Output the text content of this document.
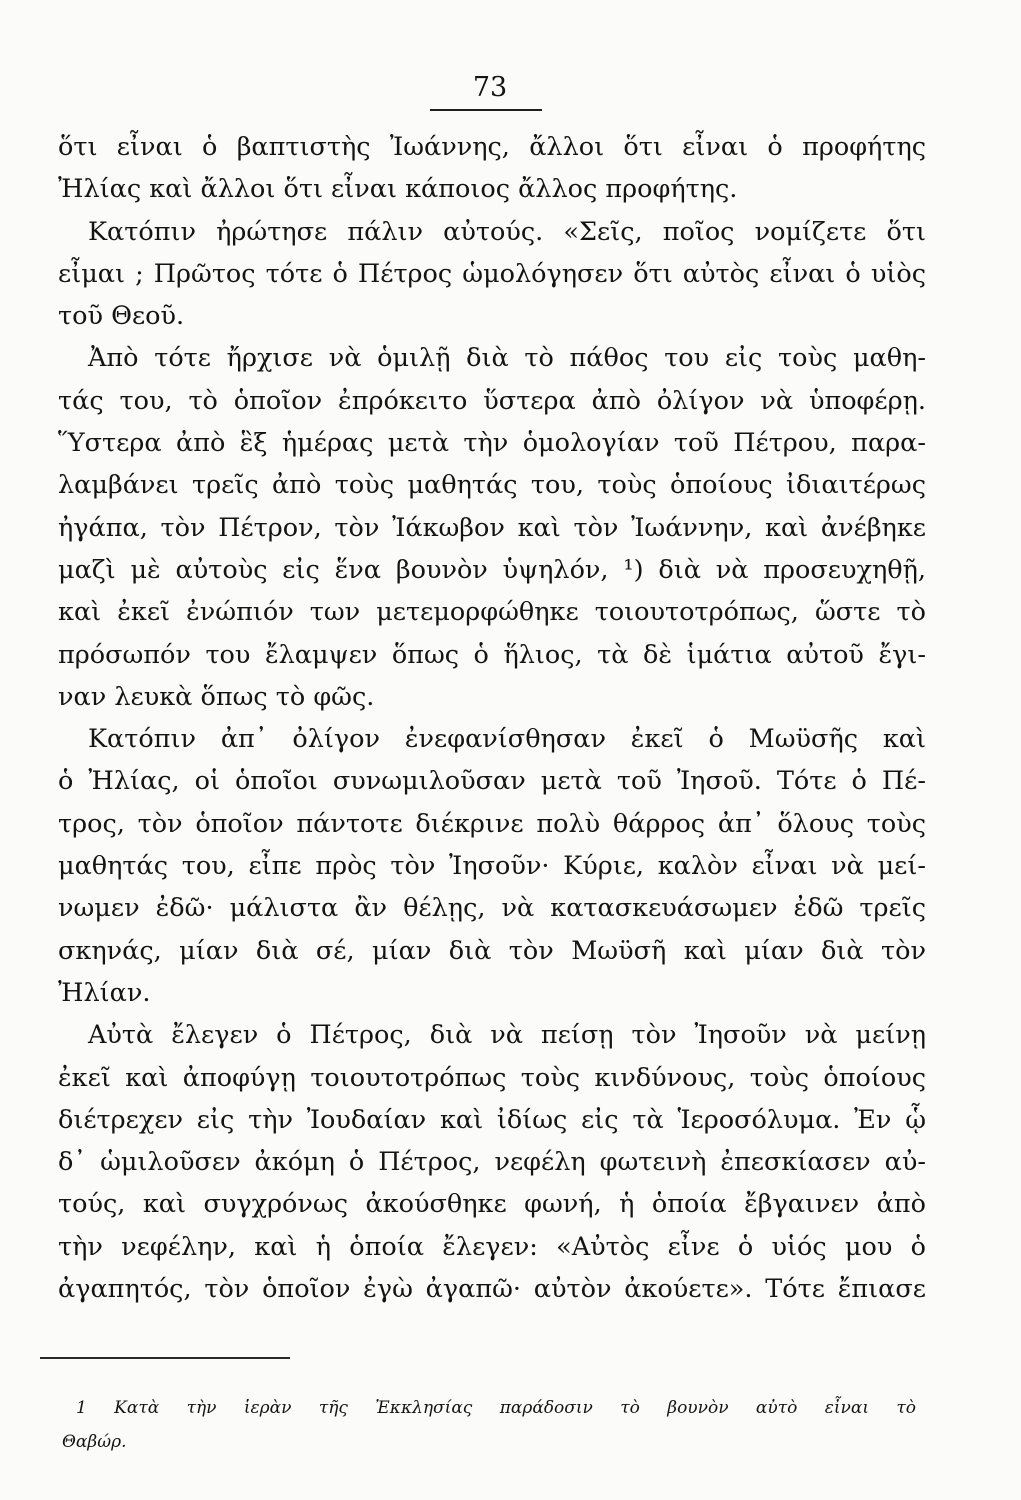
73
ὅτι εἶναι ὁ βαπτιστὴς Ἰωάννης, ἄλλοι ὅτι εἶναι ὁ προφήτης
Ἠλίας καὶ ἄλλοι ὅτι εἶναι κάποιος ἄλλος προφήτης.
Κατόπιν ἠρώτησε πάλιν αὐτούς. «Σεῖς, ποῖος νομίζετε ὅτι
εἶμαι ; Πρῶτος τότε ὁ Πέτρος ὡμολόγησεν ὅτι αὐτὸς εἶναι ὁ υἱὸς
τοῦ Θεοῦ.
Ἀπὸ τότε ἤρχισε νὰ ὁμιλῇ διὰ τὸ πάθος του εἰς τοὺς μαθη-
τάς του, τὸ ὁποῖον ἐπρόκειτο ὕστερα ἀπὸ ὀλίγον νὰ ὑποφέρῃ.
Ὕστερα ἀπὸ ἓξ ἡμέρας μετὰ τὴν ὁμολογίαν τοῦ Πέτρου, παρα-
λαμβάνει τρεῖς ἀπὸ τοὺς μαθητάς του, τοὺς ὁποίους ἰδιαιτέρως
ἠγάπα, τὸν Πέτρον, τὸν Ἰάκωβον καὶ τὸν Ἰωάννην, καὶ ἀνέβηκε
μαζὶ μὲ αὐτοὺς εἰς ἕνα βουνὸν ὑψηλόν, ¹) διὰ νὰ προσευχηθῇ,
καὶ ἐκεῖ ἐνώπιόν των μετεμορφώθηκε τοιουτοτρόπως, ὥστε τὸ
πρόσωπόν του ἔλαμψεν ὅπως ὁ ἥλιος, τὰ δὲ ἱμάτια αὐτοῦ ἔγι-
ναν λευκὰ ὅπως τὸ φῶς.
Κατόπιν ἀπ᾽ ὀλίγον ἐνεφανίσθησαν ἐκεῖ ὁ Μωϋσῆς καὶ
ὁ Ἠλίας, οἱ ὁποῖοι συνωμιλοῦσαν μετὰ τοῦ Ἰησοῦ. Τότε ὁ Πέ-
τρος, τὸν ὁποῖον πάντοτε διέκρινε πολὺ θάρρος ἀπ᾽ ὅλους τοὺς
μαθητάς του, εἶπε πρὸς τὸν Ἰησοῦν· Κύριε, καλὸν εἶναι νὰ μεί-
νωμεν ἐδῶ· μάλιστα ἂν θέλῃς, νὰ κατασκευάσωμεν ἐδῶ τρεῖς
σκηνάς, μίαν διὰ σέ, μίαν διὰ τὸν Μωϋσῆ καὶ μίαν διὰ τὸν
Ἠλίαν.
Αὐτὰ ἔλεγεν ὁ Πέτρος, διὰ νὰ πείσῃ τὸν Ἰησοῦν νὰ μείνῃ
ἐκεῖ καὶ ἀποφύγῃ τοιουτοτρόπως τοὺς κινδύνους, τοὺς ὁποίους
διέτρεχεν εἰς τὴν Ἰουδαίαν καὶ ἰδίως εἰς τὰ Ἱεροσόλυμα. Ἐν ᾧ
δ᾽ ὡμιλοῦσεν ἀκόμη ὁ Πέτρος, νεφέλη φωτεινὴ ἐπεσκίασεν αὐ-
τούς, καὶ συγχρόνως ἀκούσθηκε φωνή, ἡ ὁποία ἔβγαινεν ἀπὸ
τὴν νεφέλην, καὶ ἡ ὁποία ἔλεγεν: «Αὐτὸς εἶνε ὁ υἱός μου ὁ
ἀγαπητός, τὸν ὁποῖον ἐγὼ ἀγαπῶ· αὐτὸν ἀκούετε». Τότε ἔπιασε
1 Κατὰ τὴν ἱερὰν τῆς Ἐκκλησίας παράδοσιν τὸ βουνὸν αὐτὸ εἶναι τὸ
Θαβώρ.
